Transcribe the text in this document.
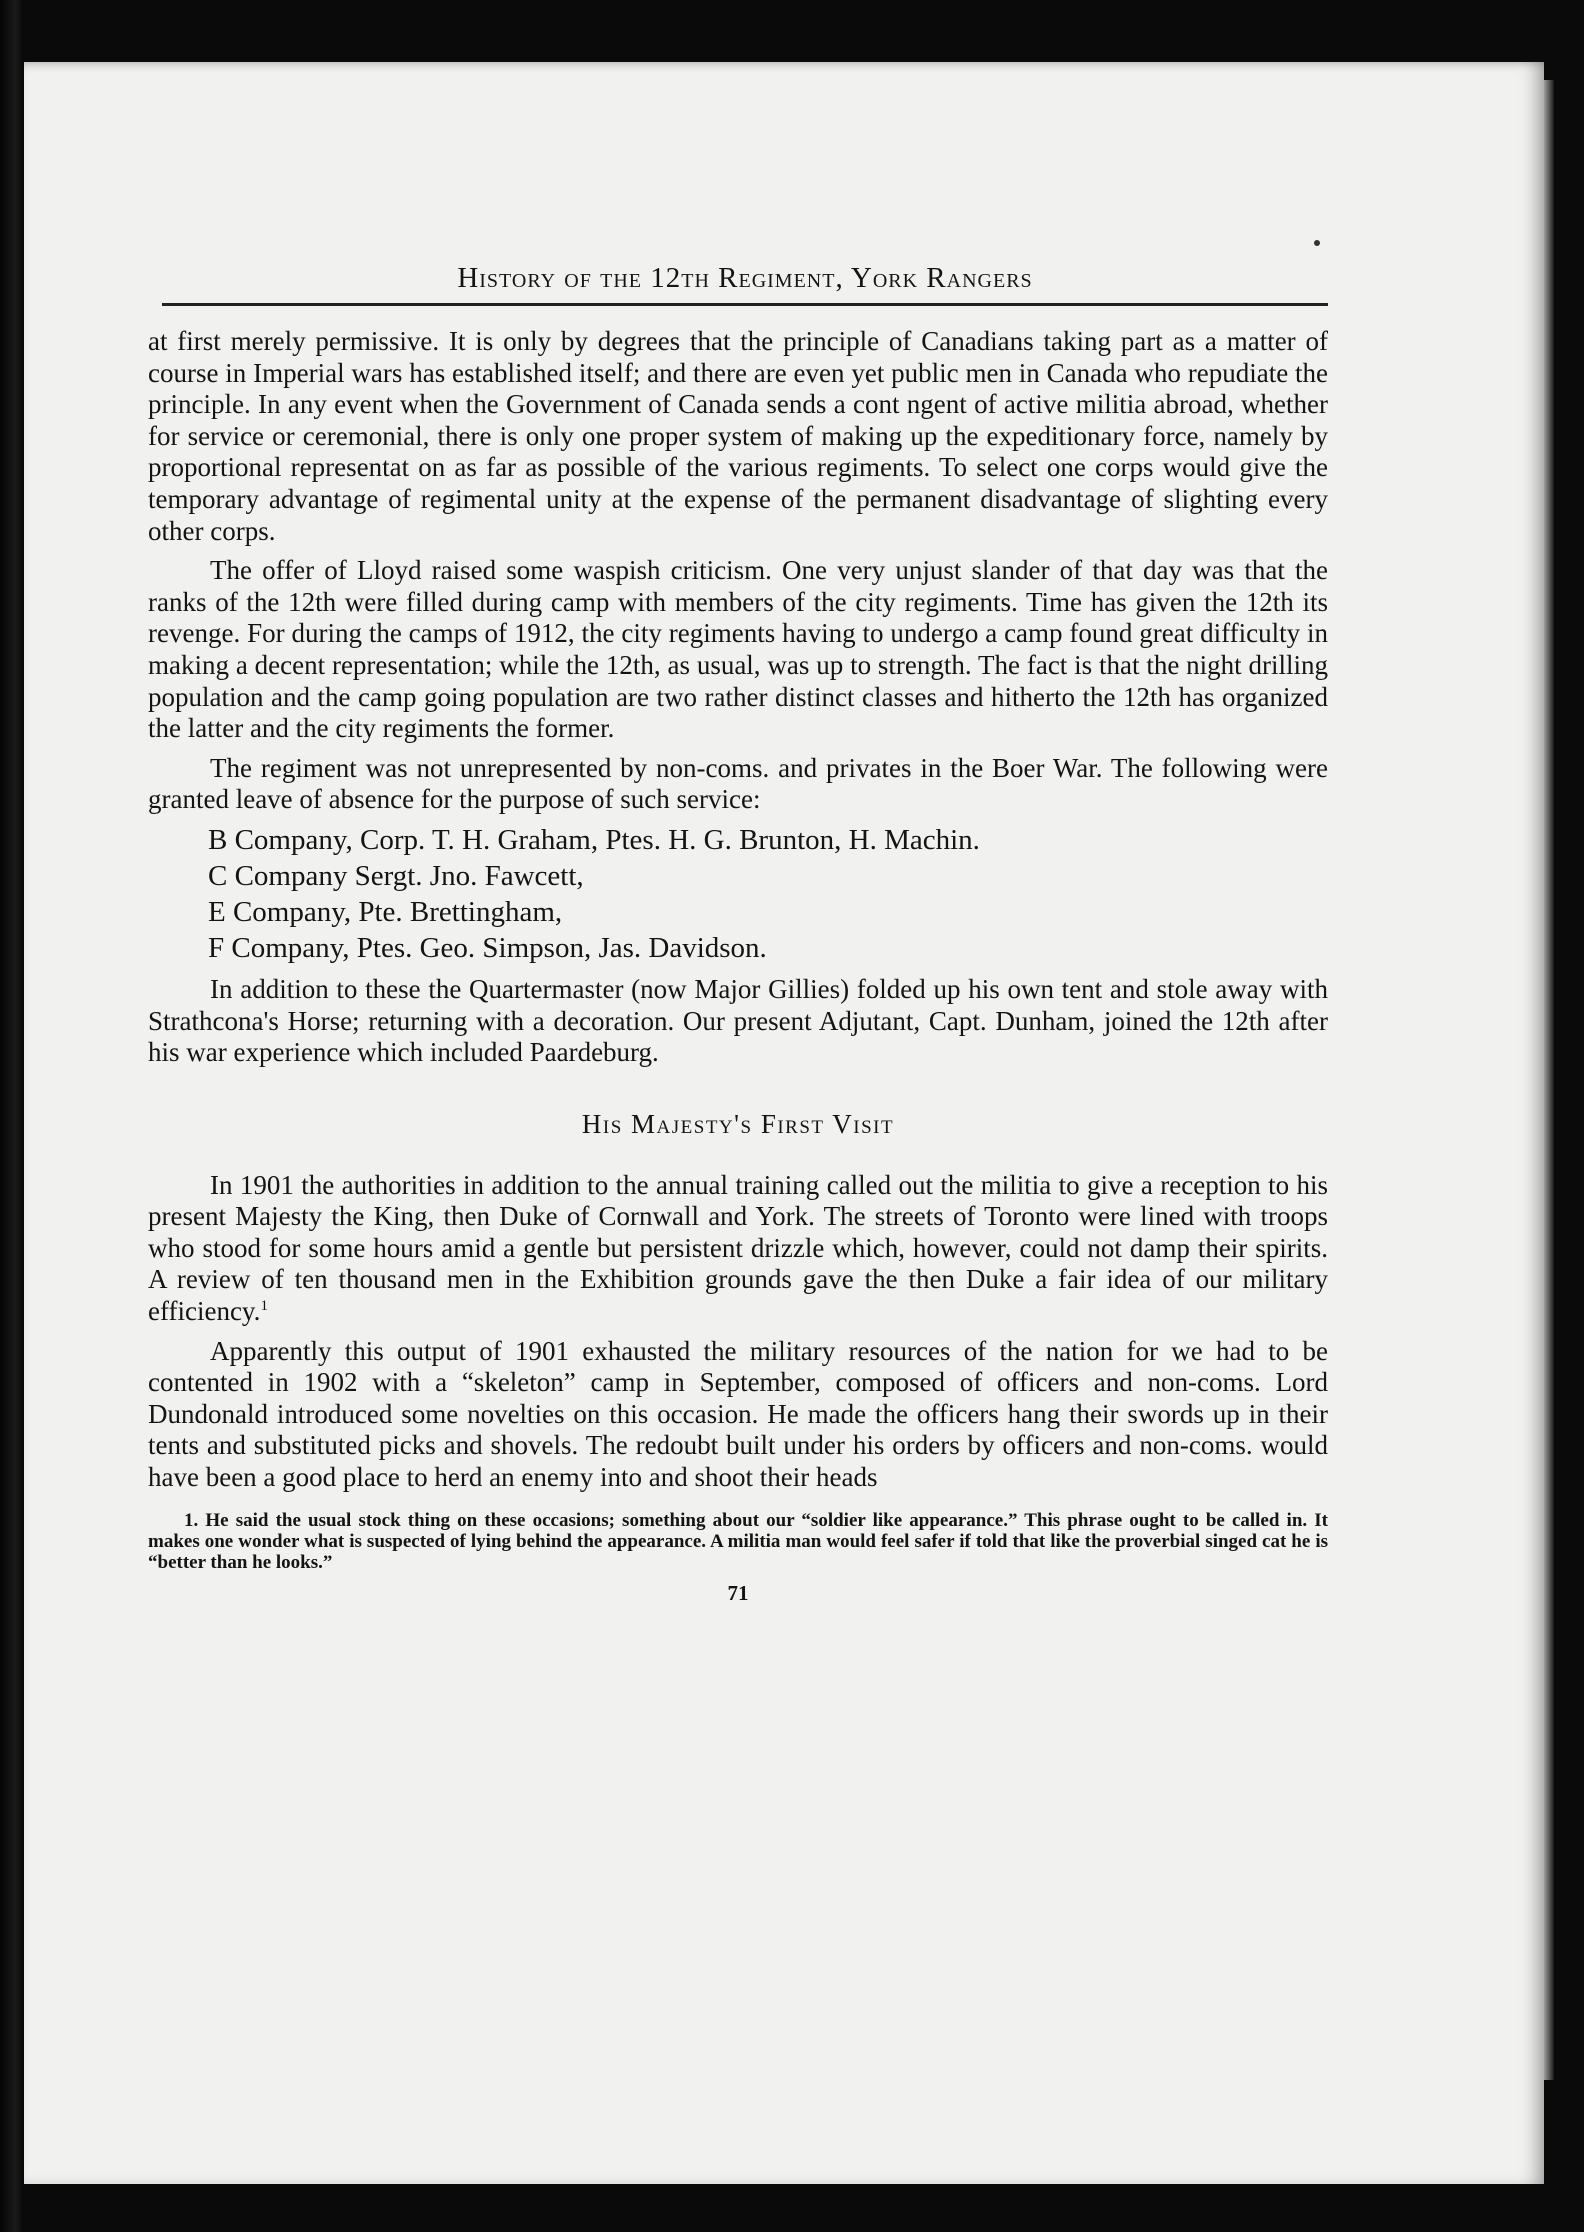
History of the 12th Regiment, York Rangers

at first merely permissive. It is only by degrees that the principle of Canadians taking part as a matter of course in Imperial wars has established itself; and there are even yet public men in Canada who repudiate the principle. In any event when the Government of Canada sends a cont ngent of active militia abroad, whether for service or ceremonial, there is only one proper system of making up the expeditionary force, namely by proportional representat on as far as possible of the various regiments. To select one corps would give the temporary advantage of regimental unity at the expense of the permanent disadvantage of slighting every other corps.

The offer of Lloyd raised some waspish criticism. One very unjust slander of that day was that the ranks of the 12th were filled during camp with members of the city regiments. Time has given the 12th its revenge. For during the camps of 1912, the city regiments having to undergo a camp found great difficulty in making a decent representation; while the 12th, as usual, was up to strength. The fact is that the night drilling population and the camp going population are two rather distinct classes and hitherto the 12th has organized the latter and the city regiments the former.

The regiment was not unrepresented by non-coms. and privates in the Boer War. The following were granted leave of absence for the purpose of such service:

B Company, Corp. T. H. Graham, Ptes. H. G. Brunton, H. Machin.
C Company Sergt. Jno. Fawcett,
E Company, Pte. Brettingham,
F Company, Ptes. Geo. Simpson, Jas. Davidson.

In addition to these the Quartermaster (now Major Gillies) folded up his own tent and stole away with Strathcona's Horse; returning with a decoration. Our present Adjutant, Capt. Dunham, joined the 12th after his war experience which included Paardeburg.

His Majesty's First Visit

In 1901 the authorities in addition to the annual training called out the militia to give a reception to his present Majesty the King, then Duke of Cornwall and York. The streets of Toronto were lined with troops who stood for some hours amid a gentle but persistent drizzle which, however, could not damp their spirits. A review of ten thousand men in the Exhibition grounds gave the then Duke a fair idea of our military efficiency.$^1$

Apparently this output of 1901 exhausted the military resources of the nation for we had to be contented in 1902 with a “skeleton” camp in September, composed of officers and non-coms. Lord Dundonald introduced some novelties on this occasion. He made the officers hang their swords up in their tents and substituted picks and shovels. The redoubt built under his orders by officers and non-coms. would have been a good place to herd an enemy into and shoot their heads

1. He said the usual stock thing on these occasions; something about our “soldier like appearance.” This phrase ought to be called in. It makes one wonder what is suspected of lying behind the appearance. A militia man would feel safer if told that like the proverbial singed cat he is “better than he looks.”

71
